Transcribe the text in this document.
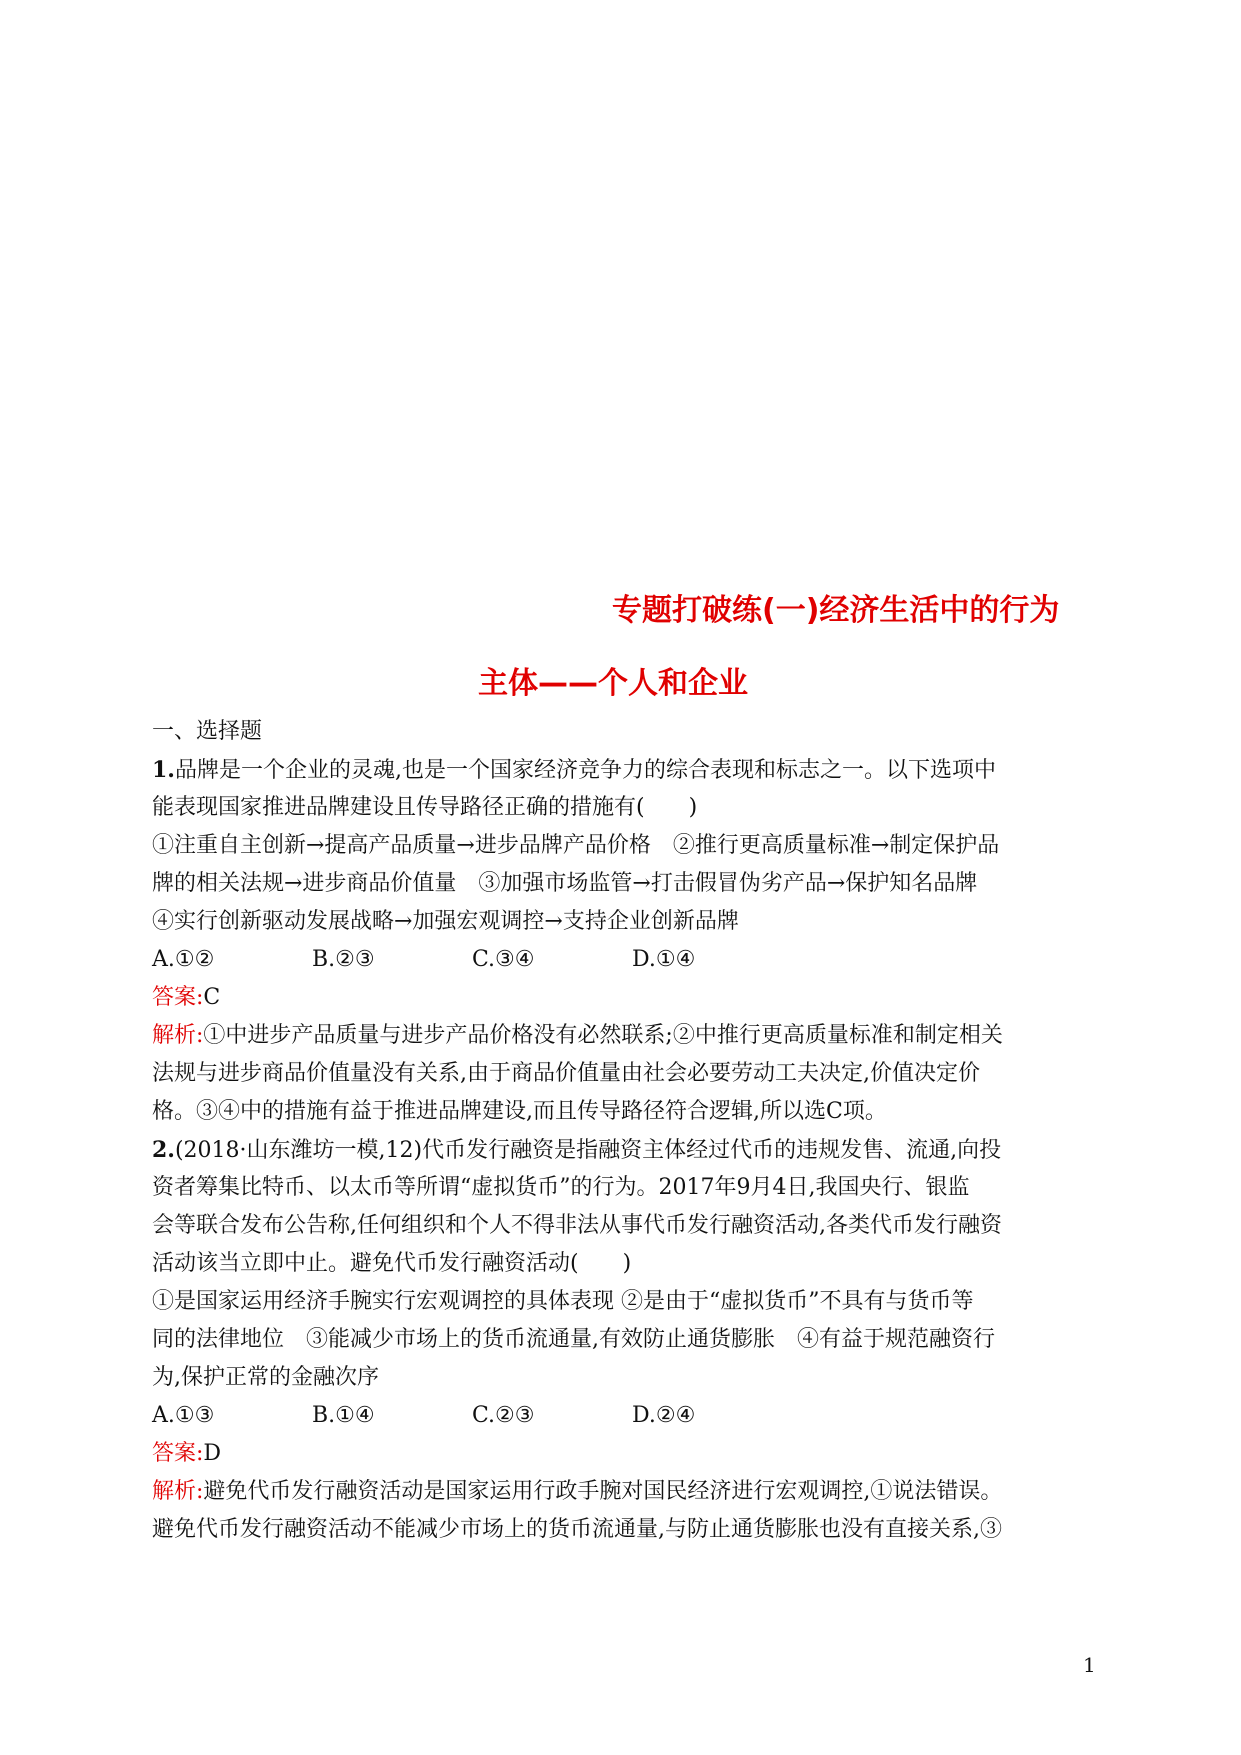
专题打破练(一)经济生活中的行为
主体——个人和企业
一、选择题
1.品牌是一个企业的灵魂,也是一个国家经济竞争力的综合表现和标志之一。以下选项中
能表现国家推进品牌建设且传导路径正确的措施有(　　)
①注重自主创新→提高产品质量→进步品牌产品价格　②推行更高质量标准→制定保护品
牌的相关法规→进步商品价值量　③加强市场监管→打击假冒伪劣产品→保护知名品牌
④实行创新驱动发展战略→加强宏观调控→支持企业创新品牌
A.①②	B.②③	C.③④	D.①④
答案:C
解析:①中进步产品质量与进步产品价格没有必然联系;②中推行更高质量标准和制定相关
法规与进步商品价值量没有关系,由于商品价值量由社会必要劳动工夫决定,价值决定价
格。③④中的措施有益于推进品牌建设,而且传导路径符合逻辑,所以选C项。
2.(2018·山东潍坊一模,12)代币发行融资是指融资主体经过代币的违规发售、流通,向投
资者筹集比特币、以太币等所谓“虚拟货币”的行为。2017年9月4日,我国央行、银监
会等联合发布公告称,任何组织和个人不得非法从事代币发行融资活动,各类代币发行融资
活动该当立即中止。避免代币发行融资活动(　　)
①是国家运用经济手腕实行宏观调控的具体表现 ②是由于“虚拟货币”不具有与货币等
同的法律地位　③能减少市场上的货币流通量,有效防止通货膨胀　④有益于规范融资行
为,保护正常的金融次序
A.①③	B.①④	C.②③	D.②④
答案:D
解析:避免代币发行融资活动是国家运用行政手腕对国民经济进行宏观调控,①说法错误。
避免代币发行融资活动不能减少市场上的货币流通量,与防止通货膨胀也没有直接关系,③
1
